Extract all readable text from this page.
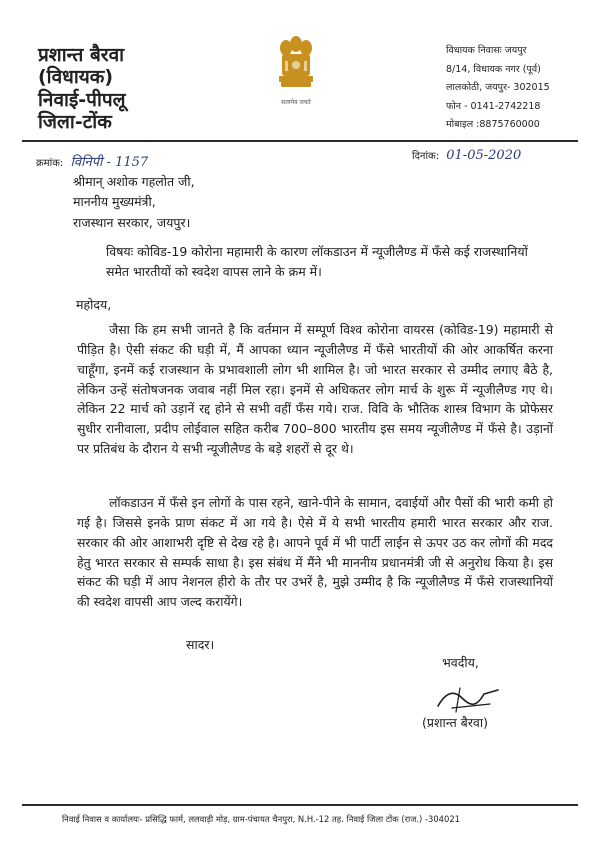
प्रशान्त बैरवा
(विधायक)
निवाई-पीपलू
जिला-टोंक
सत्यमेव जयते
विधायक निवासः जयपुर
8/14, विधायक नगर (पूर्व)
लालकोठी, जयपुर- 302015
फोन - 0141-2742218
मोबाइल :8875760000
क्रमांक: विनिपी - 1157	दिनांक: 01-05-2020
श्रीमान् अशोक गहलोत जी,
माननीय मुख्यमंत्री,
राजस्थान सरकार, जयपुर।
विषयः कोविड-19 कोरोना महामारी के कारण लॉकडाउन में न्यूजीलैण्ड में फँसे कई राजस्थानियों समेत भारतीयों को स्वदेश वापस लाने के क्रम में।
महोदय,
जैसा कि हम सभी जानते है कि वर्तमान में सम्पूर्ण विश्व कोरोना वायरस (कोविड-19) महामारी से पीड़ित है। ऐसी संकट की घड़ी में, मैं आपका ध्यान न्यूजीलैण्ड में फँसे भारतीयों की ओर आकर्षित करना चाहूँगा, इनमें कई राजस्थान के प्रभावशाली लोग भी शामिल है। जो भारत सरकार से उम्मीद लगाए बैठे है, लेकिन उन्हें संतोषजनक जवाब नहीं मिल रहा। इनमें से अधिकतर लोग मार्च के शुरू में न्यूजीलैण्ड गए थे। लेकिन 22 मार्च को उड़ानें रद्द होने से सभी वहीं फँस गये। राज. विवि के भौतिक शास्त्र विभाग के प्रोफेसर सुधीर रानीवाला, प्रदीप लोईवाल सहित करीब 700–800 भारतीय इस समय न्यूजीलैण्ड में फँसे है। उड़ानों पर प्रतिबंध के दौरान ये सभी न्यूजीलैण्ड के बड़े शहरों से दूर थे।
लॉकडाउन में फँसे इन लोगों के पास रहने, खाने-पीने के सामान, दवाईयों और पैसों की भारी कमी हो गई है। जिससे इनके प्राण संकट में आ गये है। ऐसे में ये सभी भारतीय हमारी भारत सरकार और राज. सरकार की ओर आशाभरी दृष्टि से देख रहे है। आपने पूर्व में भी पार्टी लाईन से ऊपर उठ कर लोगों की मदद हेतु भारत सरकार से सम्पर्क साधा है। इस संबंध में मैंने भी माननीय प्रधानमंत्री जी से अनुरोध किया है। इस संकट की घड़ी में आप नेशनल हीरो के तौर पर उभरें है, मुझे उम्मीद है कि न्यूजीलैण्ड में फँसे राजस्थानियों की स्वदेश वापसी आप जल्द करायेंगे।
सादर।
भवदीय,
(प्रशान्त बैरवा)
निवाई निवास व कार्यालयः- प्रसिद्धि फार्म, ललवाड़ी मोड़, ग्राम-पंचायत चैनपुरा, N.H.-12 तह. निवाई जिला टोंक (राज.) -304021
